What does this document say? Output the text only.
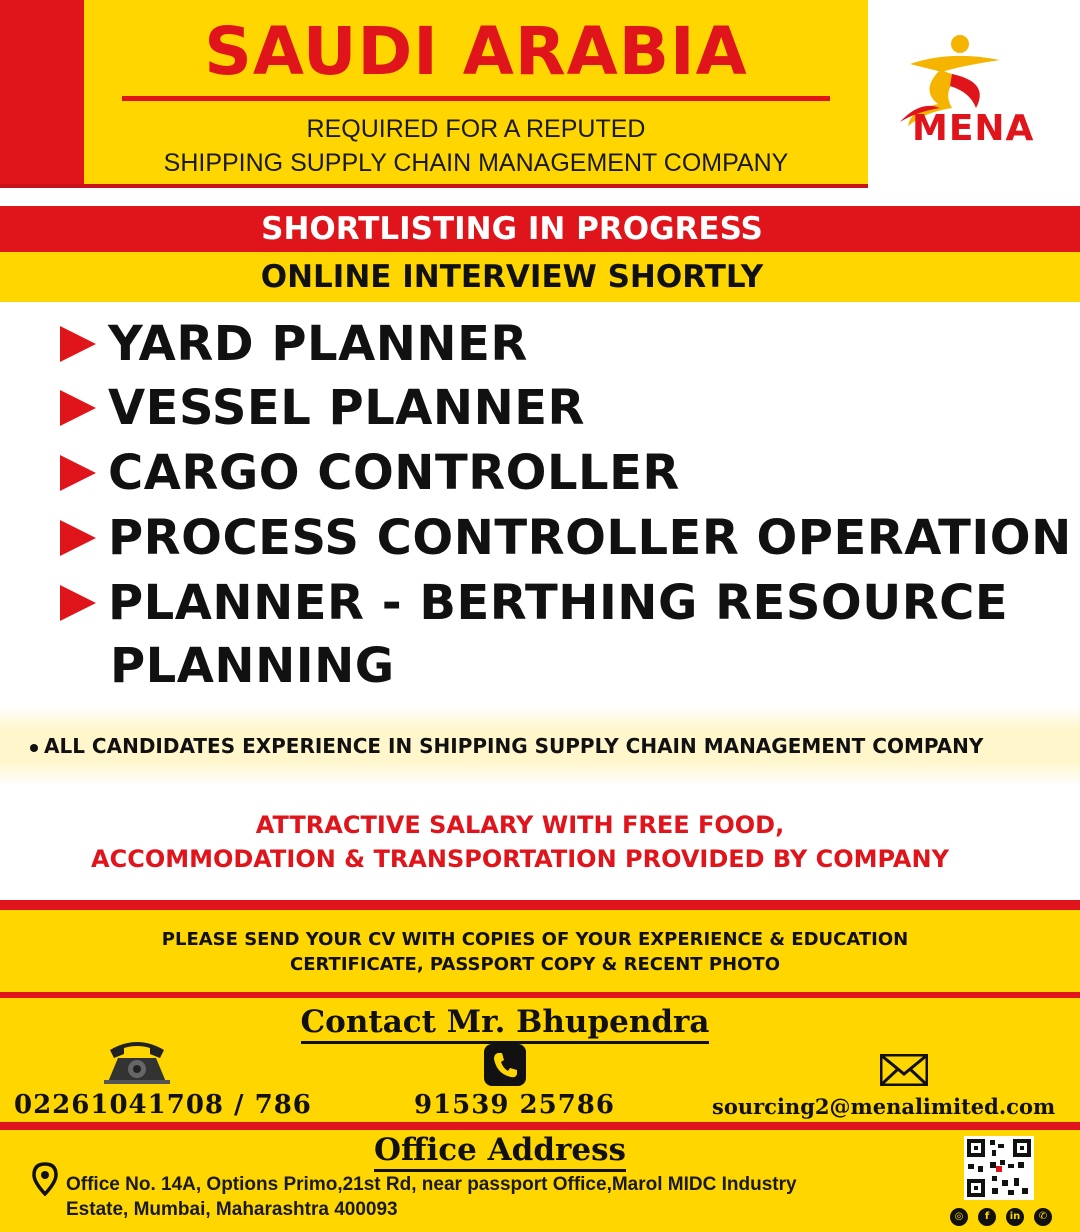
SAUDI ARABIA
REQUIRED FOR A REPUTED
SHIPPING SUPPLY CHAIN MANAGEMENT COMPANY
MENA
SHORTLISTING IN PROGRESS
ONLINE INTERVIEW SHORTLY
YARD PLANNER
VESSEL PLANNER
CARGO CONTROLLER
PROCESS CONTROLLER OPERATION
PLANNER - BERTHING RESOURCE
PLANNING
ALL CANDIDATES EXPERIENCE IN SHIPPING SUPPLY CHAIN MANAGEMENT COMPANY
ATTRACTIVE SALARY WITH FREE FOOD,
ACCOMMODATION & TRANSPORTATION PROVIDED BY COMPANY
PLEASE SEND YOUR CV WITH COPIES OF YOUR EXPERIENCE & EDUCATION
CERTIFICATE, PASSPORT COPY & RECENT PHOTO
Contact Mr. Bhupendra
02261041708 / 786	91539 25786	sourcing2@menalimited.com
Office Address
Office No. 14A, Options Primo,21st Rd, near passport Office,Marol MIDC Industry
Estate, Mumbai, Maharashtra 400093	◎	f	in	✆
